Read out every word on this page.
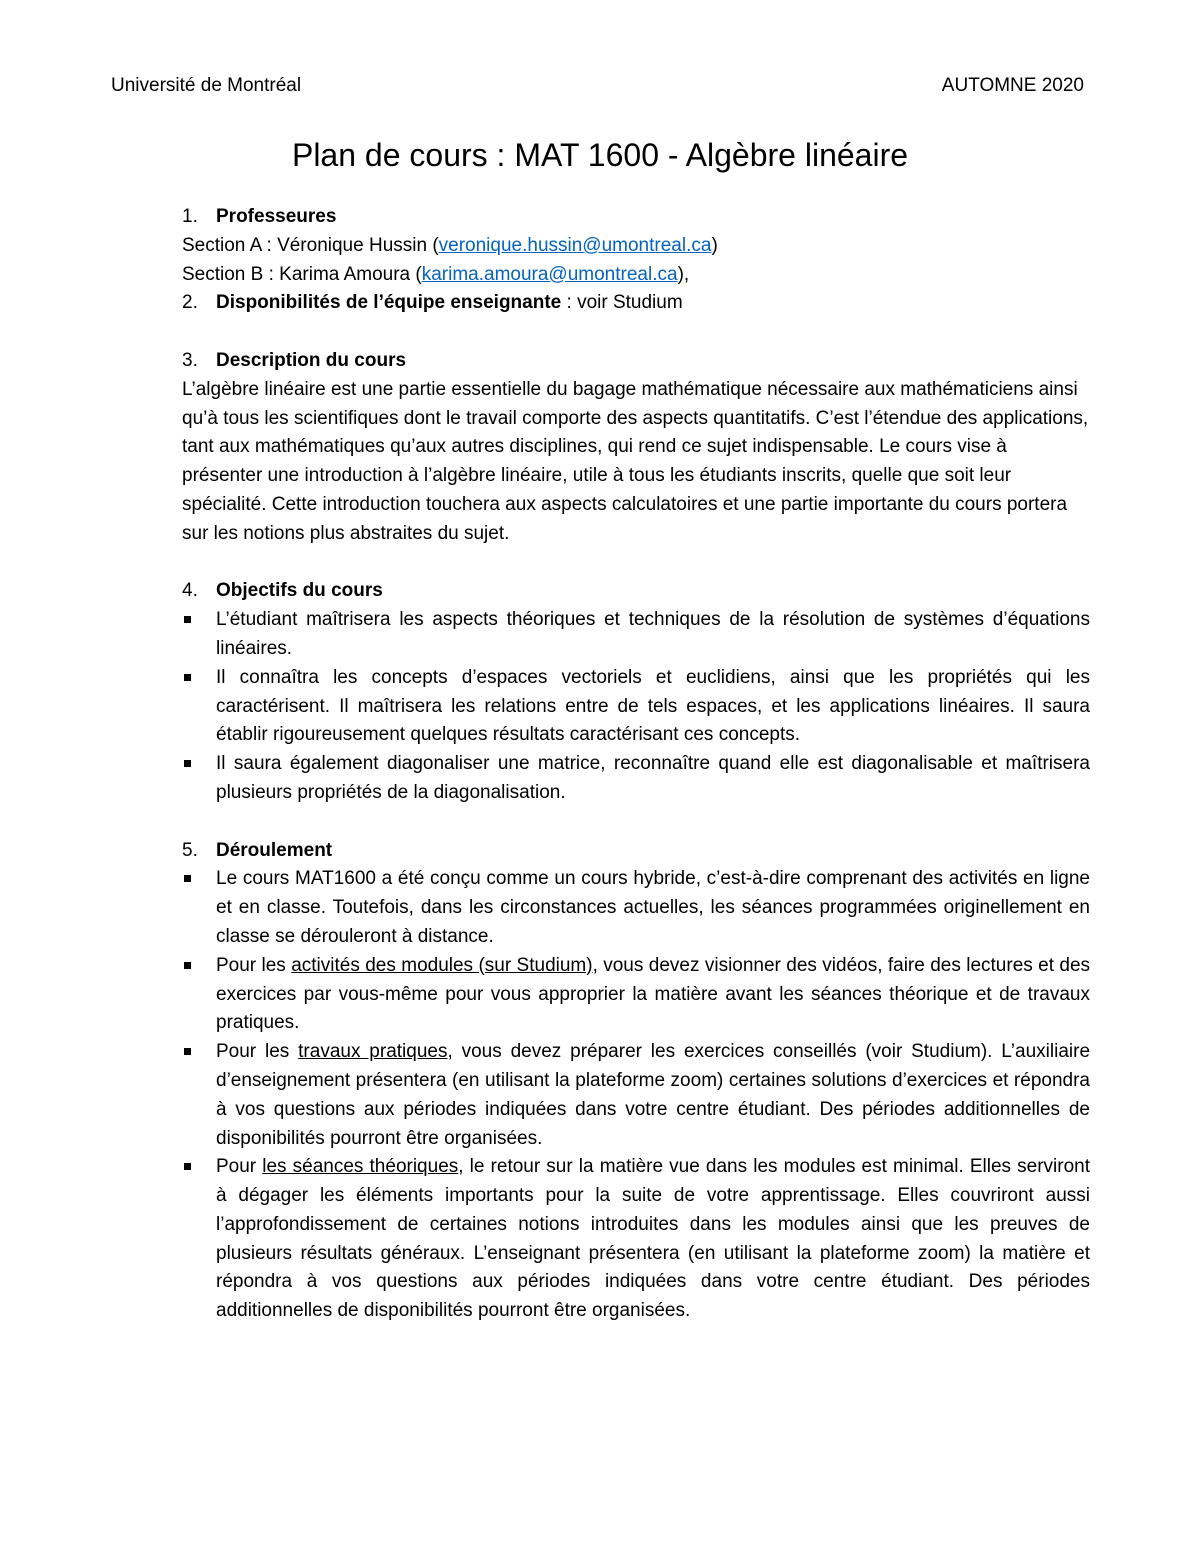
Université de Montréal	AUTOMNE 2020
Plan de cours : MAT 1600 - Algèbre linéaire
1. Professeures
Section A : Véronique Hussin (veronique.hussin@umontreal.ca)
Section B : Karima Amoura (karima.amoura@umontreal.ca),
2. Disponibilités de l’équipe enseignante : voir Studium
3. Description du cours

L’algèbre linéaire est une partie essentielle du bagage mathématique nécessaire aux mathématiciens ainsi qu’à tous les scientifiques dont le travail comporte des aspects quantitatifs. C’est l’étendue des applications, tant aux mathématiques qu’aux autres disciplines, qui rend ce sujet indispensable. Le cours vise à présenter une introduction à l’algèbre linéaire, utile à tous les étudiants inscrits, quelle que soit leur spécialité. Cette introduction touchera aux aspects calculatoires et une partie importante du cours portera sur les notions plus abstraites du sujet.

4. Objectifs du cours
L’étudiant maîtrisera les aspects théoriques et techniques de la résolution de systèmes d’équations linéaires.
Il connaîtra les concepts d’espaces vectoriels et euclidiens, ainsi que les propriétés qui les caractérisent. Il maîtrisera les relations entre de tels espaces, et les applications linéaires. Il saura établir rigoureusement quelques résultats caractérisant ces concepts.
Il saura également diagonaliser une matrice, reconnaître quand elle est diagonalisable et maîtrisera plusieurs propriétés de la diagonalisation.
5. Déroulement
Le cours MAT1600 a été conçu comme un cours hybride, c’est-à-dire comprenant des activités en ligne et en classe. Toutefois, dans les circonstances actuelles, les séances programmées originellement en classe se dérouleront à distance.
Pour les activités des modules (sur Studium), vous devez visionner des vidéos, faire des lectures et des exercices par vous-même pour vous approprier la matière avant les séances théorique et de travaux pratiques.
Pour les travaux pratiques, vous devez préparer les exercices conseillés (voir Studium). L’auxiliaire d’enseignement présentera (en utilisant la plateforme zoom) certaines solutions d’exercices et répondra à vos questions aux périodes indiquées dans votre centre étudiant. Des périodes additionnelles de disponibilités pourront être organisées.
Pour les séances théoriques, le retour sur la matière vue dans les modules est minimal. Elles serviront à dégager les éléments importants pour la suite de votre apprentissage. Elles couvriront aussi l’approfondissement de certaines notions introduites dans les modules ainsi que les preuves de plusieurs résultats généraux. L’enseignant présentera (en utilisant la plateforme zoom) la matière et répondra à vos questions aux périodes indiquées dans votre centre étudiant. Des périodes additionnelles de disponibilités pourront être organisées.
